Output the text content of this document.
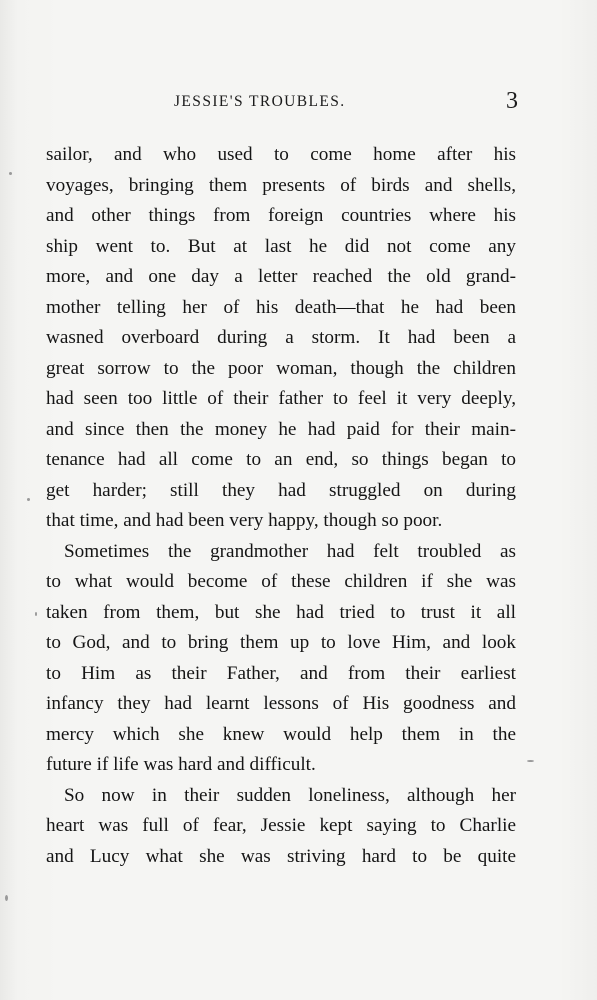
JESSIE'S TROUBLES.	3
sailor, and who used to come home after his
voyages, bringing them presents of birds and shells,
and other things from foreign countries where his
ship went to. But at last he did not come any
more, and one day a letter reached the old grand-
mother telling her of his death—that he had been
wasned overboard during a storm. It had been a
great sorrow to the poor woman, though the children
had seen too little of their father to feel it very deeply,
and since then the money he had paid for their main-
tenance had all come to an end, so things began to
get harder; still they had struggled on during
that time, and had been very happy, though so poor.
Sometimes the grandmother had felt troubled as
to what would become of these children if she was
taken from them, but she had tried to trust it all
to God, and to bring them up to love Him, and look
to Him as their Father, and from their earliest
infancy they had learnt lessons of His goodness and
mercy which she knew would help them in the
future if life was hard and difficult.
So now in their sudden loneliness, although her
heart was full of fear, Jessie kept saying to Charlie
and Lucy what she was striving hard to be quite
